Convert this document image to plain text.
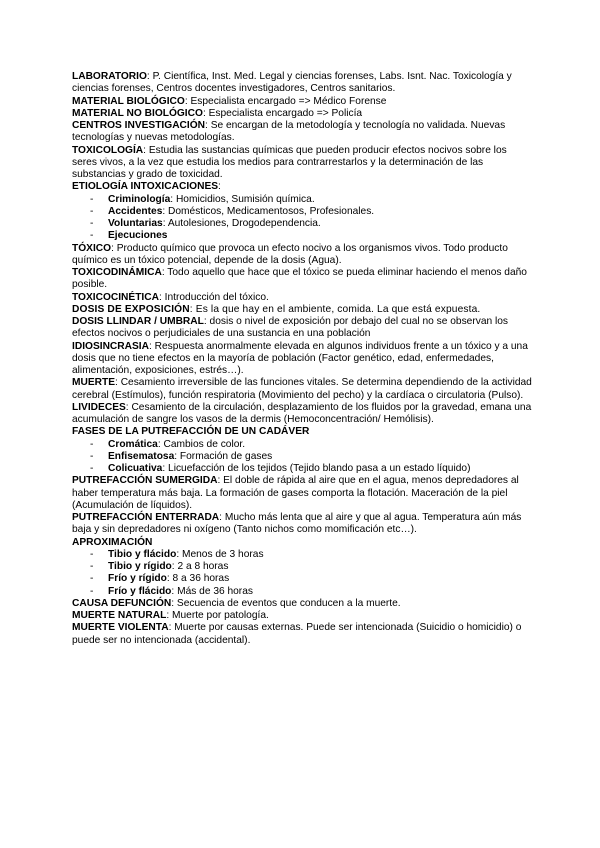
LABORATORIO: P. Científica, Inst. Med. Legal y ciencias forenses, Labs. Isnt. Nac. Toxicología y ciencias forenses, Centros docentes investigadores, Centros sanitarios.

MATERIAL BIOLÓGICO: Especialista encargado => Médico Forense

MATERIAL NO BIOLÓGICO: Especialista encargado => Policía

CENTROS INVESTIGACIÓN: Se encargan de la metodología y tecnología no validada. Nuevas tecnologías y nuevas metodologías.

TOXICOLOGÍA: Estudia las sustancias químicas que pueden producir efectos nocivos sobre los seres vivos, a la vez que estudia los medios para contrarrestarlos y la determinación de las substancias y grado de toxicidad.

ETIOLOGÍA INTOXICACIONES:

- Criminología: Homicidios, Sumisión química.
- Accidentes: Domésticos, Medicamentosos, Profesionales.
- Voluntarias: Autolesiones, Drogodependencia.
- Ejecuciones

TÓXICO: Producto químico que provoca un efecto nocivo a los organismos vivos. Todo producto químico es un tóxico potencial, depende de la dosis (Agua).

TOXICODINÁMICA: Todo aquello que hace que el tóxico se pueda eliminar haciendo el menos daño posible.

TOXICOCINÉTICA: Introducción del tóxico.

DOSIS DE EXPOSICIÓN: Es la que hay en el ambiente, comida. La que está expuesta.

DOSIS LLINDAR / UMBRAL: dosis o nivel de exposición por debajo del cual no se observan los efectos nocivos o perjudiciales de una sustancia en una población

IDIOSINCRASIA: Respuesta anormalmente elevada en algunos individuos frente a un tóxico y a una dosis que no tiene efectos en la mayoría de población (Factor genético, edad, enfermedades, alimentación, exposiciones, estrés…).

MUERTE: Cesamiento irreversible de las funciones vitales. Se determina dependiendo de la actividad cerebral (Estímulos), función respiratoria (Movimiento del pecho) y la cardíaca o circulatoria (Pulso).

LIVIDECES: Cesamiento de la circulación, desplazamiento de los fluidos por la gravedad, emana una acumulación de sangre los vasos de la dermis (Hemoconcentración/ Hemólisis).

FASES DE LA PUTREFACCIÓN DE UN CADÁVER

- Cromática: Cambios de color.
- Enfisematosa: Formación de gases
- Colicuativa: Licuefacción de los tejidos (Tejido blando pasa a un estado líquido)

PUTREFACCIÓN SUMERGIDA: El doble de rápida al aire que en el agua, menos depredadores al haber temperatura más baja. La formación de gases comporta la flotación. Maceración de la piel (Acumulación de líquidos).

PUTREFACCIÓN ENTERRADA: Mucho más lenta que al aire y que al agua. Temperatura aún más baja y sin depredadores ni oxígeno (Tanto nichos como momificación etc…).

APROXIMACIÓN

- Tibio y flácido: Menos de 3 horas
- Tibio y rígido: 2 a 8 horas
- Frío y rígido: 8 a 36 horas
- Frío y flácido: Más de 36 horas

CAUSA DEFUNCIÓN: Secuencia de eventos que conducen a la muerte.

MUERTE NATURAL: Muerte por patología.

MUERTE VIOLENTA: Muerte por causas externas. Puede ser intencionada (Suicidio o homicidio) o puede ser no intencionada (accidental).
